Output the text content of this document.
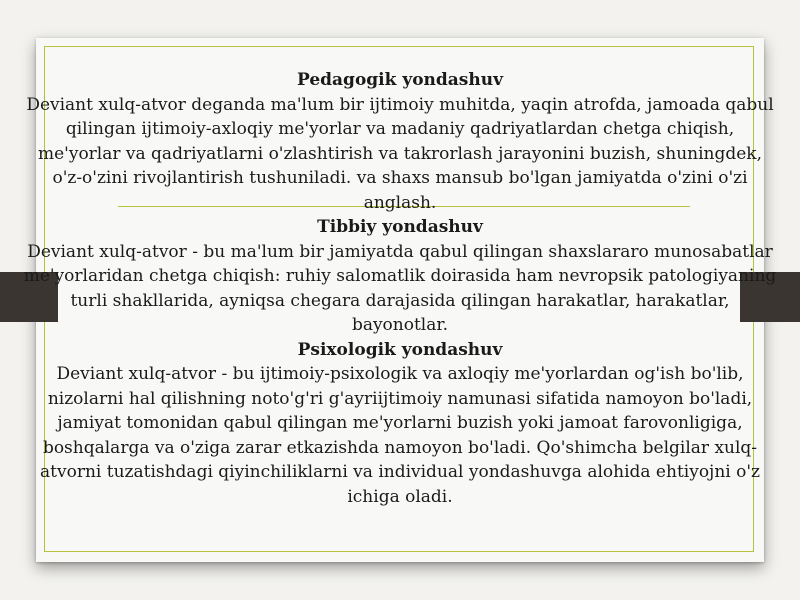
Pedagogik yondashuv

Deviant xulq-atvor deganda ma'lum bir ijtimoiy muhitda, yaqin atrofda, jamoada qabul qilingan ijtimoiy-axloqiy me'yorlar va madaniy qadriyatlardan chetga chiqish, me'yorlar va qadriyatlarni o'zlashtirish va takrorlash jarayonini buzish, shuningdek, o'z-o'zini rivojlantirish tushuniladi. va shaxs mansub bo'lgan jamiyatda o'zini o'zi anglash.

Tibbiy yondashuv

Deviant xulq-atvor - bu ma'lum bir jamiyatda qabul qilingan shaxslararo munosabatlar me'yorlaridan chetga chiqish: ruhiy salomatlik doirasida ham nevropsik patologiyaning turli shakllarida, ayniqsa chegara darajasida qilingan harakatlar, harakatlar, bayonotlar.

Psixologik yondashuv

Deviant xulq-atvor - bu ijtimoiy-psixologik va axloqiy me'yorlardan og'ish bo'lib, nizolarni hal qilishning noto'g'ri g'ayriijtimoiy namunasi sifatida namoyon bo'ladi, jamiyat tomonidan qabul qilingan me'yorlarni buzish yoki jamoat farovonligiga, boshqalarga va o'ziga zarar etkazishda namoyon bo'ladi. Qo'shimcha belgilar xulq-atvorni tuzatishdagi qiyinchiliklarni va individual yondashuvga alohida ehtiyojni o'z ichiga oladi.
